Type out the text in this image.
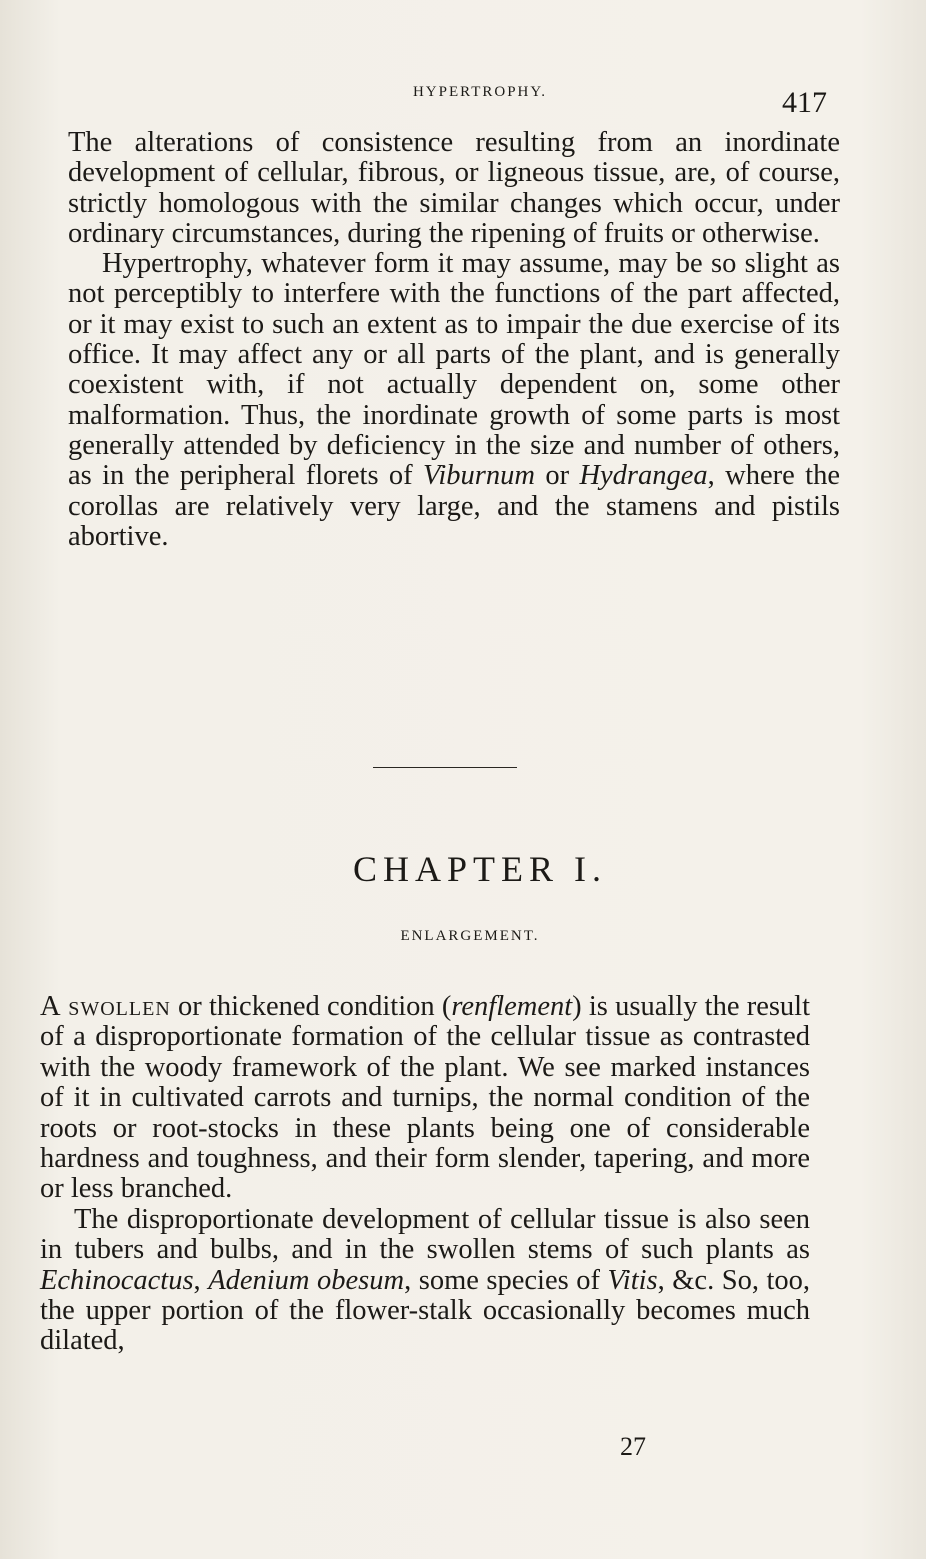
HYPERTROPHY.	417

The alterations of consistence resulting from an inordinate development of cellular, fibrous, or ligneous tissue, are, of course, strictly homologous with the similar changes which occur, under ordinary circumstances, during the ripening of fruits or otherwise.

Hypertrophy, whatever form it may assume, may be so slight as not perceptibly to interfere with the functions of the part affected, or it may exist to such an extent as to impair the due exercise of its office. It may affect any or all parts of the plant, and is generally coexistent with, if not actually dependent on, some other malformation. Thus, the inordinate growth of some parts is most generally attended by deficiency in the size and number of others, as in the peripheral florets of Viburnum or Hydrangea, where the corollas are relatively very large, and the stamens and pistils abortive.

CHAPTER I.
ENLARGEMENT.

A swollen or thickened condition (renflement) is usually the result of a disproportionate formation of the cellular tissue as contrasted with the woody framework of the plant. We see marked instances of it in cultivated carrots and turnips, the normal condition of the roots or root-stocks in these plants being one of considerable hardness and toughness, and their form slender, tapering, and more or less branched.

The disproportionate development of cellular tissue is also seen in tubers and bulbs, and in the swollen stems of such plants as Echinocactus, Adenium obesum, some species of Vitis, &c. So, too, the upper portion of the flower-stalk occasionally becomes much dilated,

27
